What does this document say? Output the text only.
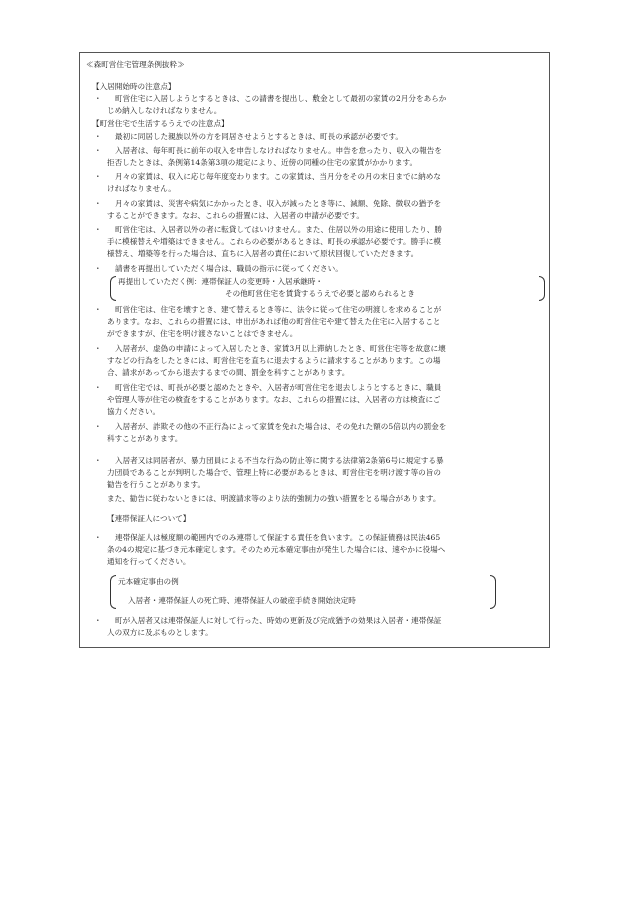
≪森町営住宅管理条例抜粋≫
【入居開始時の注意点】
・ 町営住宅に入居しようとするときは、この請書を提出し、敷金として最初の家賃の2月分をあらか
じめ納入しなければなりません。
【町営住宅で生活するうえでの注意点】
・ 最初に同居した親族以外の方を同居させようとするときは、町長の承認が必要です。
・ 入居者は、毎年町長に前年の収入を申告しなければなりません。申告を怠ったり、収入の報告を
拒否したときは、条例第14条第3項の規定により、近傍の同種の住宅の家賃がかかります。
・ 月々の家賃は、収入に応じ毎年度変わります。この家賃は、当月分をその月の末日までに納めな
ければなりません。
・ 月々の家賃は、災害や病気にかかったとき、収入が減ったとき等に、減額、免除、徴収の猶予を
することができます。なお、これらの措置には、入居者の申請が必要です。
・ 町営住宅は、入居者以外の者に転貸してはいけません。また、住居以外の用途に使用したり、勝
手に模様替えや増築はできません。これらの必要があるときは、町長の承認が必要です。勝手に模
様替え、増築等を行った場合は、直ちに入居者の責任において原状回復していただきます。
・ 請書を再提出していただく場合は、職員の指示に従ってください。
再提出していただく例：連帯保証人の変更時・入居承継時・
その他町営住宅を賃貸するうえで必要と認められるとき
・ 町営住宅は、住宅を壊すとき、建て替えるとき等に、法令に従って住宅の明渡しを求めることが
あります。なお、これらの措置には、申出があれば他の町営住宅や建て替えた住宅に入居すること
ができますが、住宅を明け渡さないことはできません。
・ 入居者が、虚偽の申請によって入居したとき、家賃3月以上滞納したとき、町営住宅等を故意に壊
すなどの行為をしたときには、町営住宅を直ちに退去するように請求することがあります。この場
合、請求があってから退去するまでの間、罰金を科すことがあります。
・ 町営住宅では、町長が必要と認めたときや、入居者が町営住宅を退去しようとするときに、職員
や管理人等が住宅の検査をすることがあります。なお、これらの措置には、入居者の方は検査にご
協力ください。
・ 入居者が、詐欺その他の不正行為によって家賃を免れた場合は、その免れた額の5倍以内の罰金を
科すことがあります。
・ 入居者又は同居者が、暴力団員による不当な行為の防止等に関する法律第2条第6号に規定する暴
力団員であることが判明した場合で、管理上特に必要があるときは、町営住宅を明け渡す等の旨の
勧告を行うことがあります。
また、勧告に従わないときには、明渡請求等のより法的強制力の強い措置をとる場合があります。
【連帯保証人について】
・ 連帯保証人は極度額の範囲内でのみ連帯して保証する責任を負います。この保証債務は民法465
条の4の規定に基づき元本確定します。そのため元本確定事由が発生した場合には、速やかに役場へ
通知を行ってください。
元本確定事由の例
入居者・連帯保証人の死亡時、連帯保証人の破産手続き開始決定時
・ 町が入居者又は連帯保証人に対して行った、時効の更新及び完成猶予の効果は入居者・連帯保証
人の双方に及ぶものとします。
